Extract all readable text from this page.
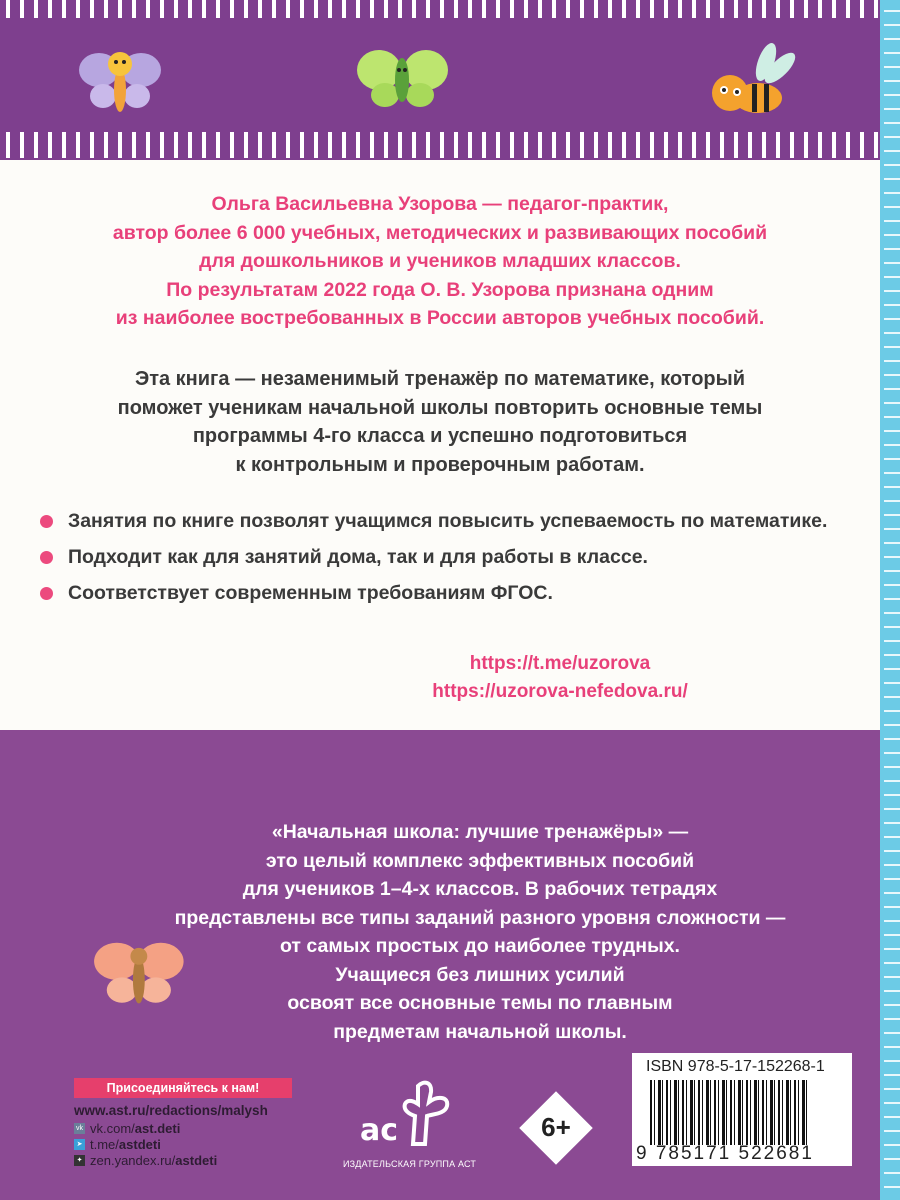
Ольга Васильевна Узорова — педагог-практик,
автор более 6 000 учебных, методических и развивающих пособий
для дошкольников и учеников младших классов.
По результатам 2022 года О. В. Узорова признана одним
из наиболее востребованных в России авторов учебных пособий.
Эта книга — незаменимый тренажёр по математике, который
поможет ученикам начальной школы повторить основные темы
программы 4-го класса и успешно подготовиться
к контрольным и проверочным работам.
Занятия по книге позволят учащимся повысить успеваемость по математике.
Подходит как для занятий дома, так и для работы в классе.
Соответствует современным требованиям ФГОС.
https://t.me/uzorova
https://uzorova-nefedova.ru/
«Начальная школа: лучшие тренажёры» —
это целый комплекс эффективных пособий
для учеников 1–4-х классов. В рабочих тетрадях
представлены все типы заданий разного уровня сложности —
от самых простых до наиболее трудных.
Учащиеся без лишних усилий
освоят все основные темы по главным
предметам начальной школы.
Присоединяйтесь к нам!
www.ast.ru/redactions/malysh
vk vk.com/ ast.deti
➤ t.me/ astdeti
✦ zen.yandex.ru/ astdeti
ac
ИЗДАТЕЛЬСКАЯ ГРУППА АСТ
6+
ISBN 978-5-17-152268-1
9 785171 522681
